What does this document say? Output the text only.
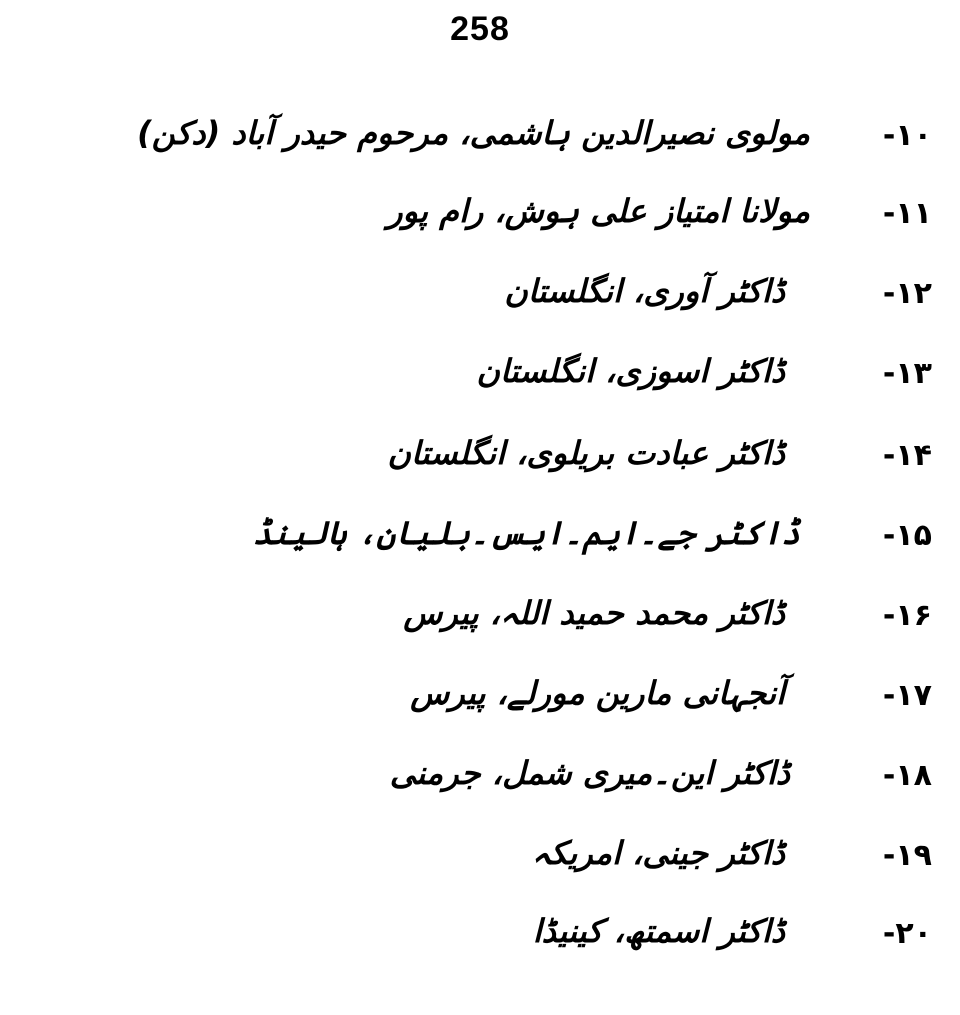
258
-۱۰
مولوی نصیرالدین ہاشمی، مرحوم حیدر آباد (دکن)
-۱۱
مولانا امتیاز علی ہوش، رام پور
-۱۲
ڈاکٹر آوری، انگلستان
-۱۳
ڈاکٹر اسوزی، انگلستان
-۱۴
ڈاکٹر عبادت بریلوی، انگلستان
-۱۵
ڈاکٹر جے۔ایم۔ایس۔بلیان، ہالینڈ
-۱۶
ڈاکٹر محمد حمید اللہ، پیرس
-۱۷
آنجہانی مارین مورلے، پیرس
-۱۸
ڈاکٹر این۔میری شمل، جرمنی
-۱۹
ڈاکٹر جینی، امریکہ
-۲۰
ڈاکٹر اسمتھ، کینیڈا
